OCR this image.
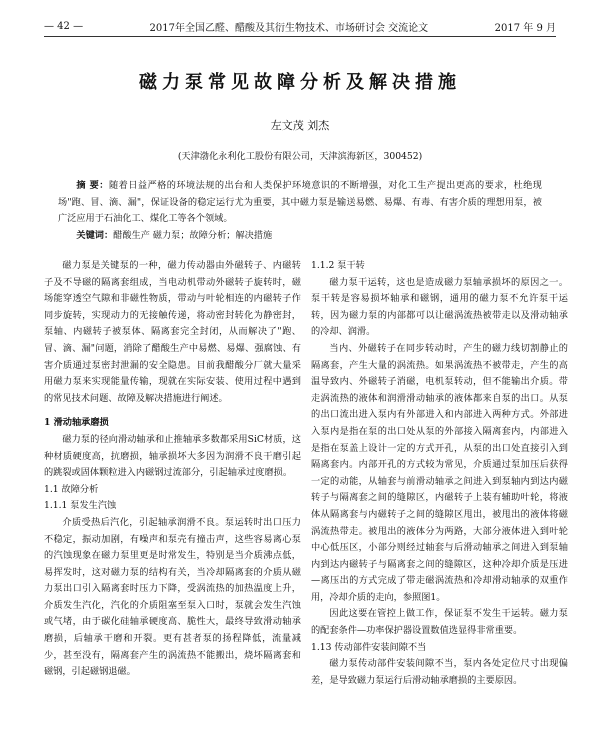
— 42 —	2017年全国乙醛、醋酸及其衍生物技术、市场研讨会 交流论文	2017 年 9 月
磁力泵常见故障分析及解决措施
左文茂 刘杰
(天津渤化永利化工股份有限公司，天津滨海新区，300452)
摘 要：随着日益严格的环境法规的出台和人类保护环境意识的不断增强，对化工生产提出更高的要求，杜绝现场"跑、冒、滴、漏"，保证设备的稳定运行尤为重要，其中磁力泵是输送易燃、易爆、有毒、有害介质的理想用泵，被广泛应用于石油化工、煤化工等各个领域。
关键词：醋酸生产 磁力泵；故障分析；解决措施

磁力泵是关键泵的一种，磁力传动器由外磁转子、内磁转子及不导磁的隔离套组成，当电动机带动外磁转子旋转时，磁场能穿透空气隙和非磁性物质，带动与叶轮相连的内磁转子作同步旋转，实现动力的无接触传递，将动密封转化为静密封，泵轴、内磁转子被泵体、隔离套完全封闭，从而解决了"跑、冒、滴、漏"问题，消除了醋酸生产中易燃、易爆、强腐蚀、有害介质通过泵密封泄漏的安全隐患。目前我醋酸分厂就大量采用磁力泵来实现能量传输，现就在实际安装、使用过程中遇到的常见技术问题、故障及解决措施进行阐述。

1 滑动轴承磨损

磁力泵的径向滑动轴承和止推轴承多数都采用SiC材质，这种材质硬度高，抗磨损，轴承损坏大多因为润滑不良干磨引起的跳裂或固体颗粒进入内磁钢过流部分，引起轴承过度磨损。

1.1 故障分析

1.1.1 泵发生汽蚀

介质受热后汽化，引起轴承润滑不良。泵运转时出口压力不稳定，振动加剧，有噪声和泵壳有撞击声，这些容易离心泵的汽蚀现象在磁力泵里更是时常发生，特别是当介质沸点低，易挥发时，这对磁力泵的结构有关，当冷却隔离套的介质从磁力泵出口引入隔离套时压力下降，受涡流热的加热温度上升，介质发生汽化，汽化的介质阻塞至泵入口时，泵就会发生汽蚀或气堵，由于碳化硅轴承硬度高、脆性大，最终导致滑动轴承磨损，后轴承干磨和开裂。更有甚者泵的扬程降低，流量减少，甚至没有，隔离套产生的涡流热不能搬出，烧坏隔离套和磁钢，引起磁钢退磁。

1.1.2 泵干转

磁力泵干运转，这也是造成磁力泵轴承损坏的原因之一。泵干转是容易损坏轴承和磁钢，通用的磁力泵不允许泵干运转，因为磁力泵的内部都可以让磁涡流热被带走以及滑动轴承的冷却、润滑。

当内、外磁转子在同步转动时，产生的磁力线切割静止的隔离套，产生大量的涡流热。如果涡流热不被带走，产生的高温导致内、外磁转子消磁，电机泵转动，但不能输出介质。带走涡流热的液体和润滑滑动轴承的液体都来自泵的出口。从泵的出口流出进入泵内有外部进入和内部进入两种方式。外部进入泵内是指在泵的出口处从泵的外部接入隔离套内，内部进入是指在泵盖上设计一定的方式开孔，从泵的出口处直接引入到隔离套内。内部开孔的方式较为常见，介质通过泵加压后获得一定的动能，从轴套与前滑动轴承之间进入到泵轴内到达内磁转子与隔离套之间的缝隙区，内磁转子上装有辅助叶轮，将液体从隔离套与内磁转子之间的缝隙区甩出，被甩出的液体将磁涡流热带走。被甩出的液体分为两路，大部分液体进入到叶轮中心低压区，小部分则经过轴套与后滑动轴承之间进入到泵轴内到达内磁转子与隔离套之间的缝隙区，这种冷却介质是压进—离压出的方式完成了带走磁涡流热和冷却滑动轴承的双重作用，冷却介质的走向，参照图1。

因此这要在管控上做工作，保证泵不发生干运转。磁力泵的配套条件—功率保护器设置数值选显得非常重要。

1.13 传动部件安装间隙不当

磁力泵传动部件安装间隙不当，泵内各处定位尺寸出现偏差，是导致磁力泵运行后滑动轴承磨损的主要原因。
